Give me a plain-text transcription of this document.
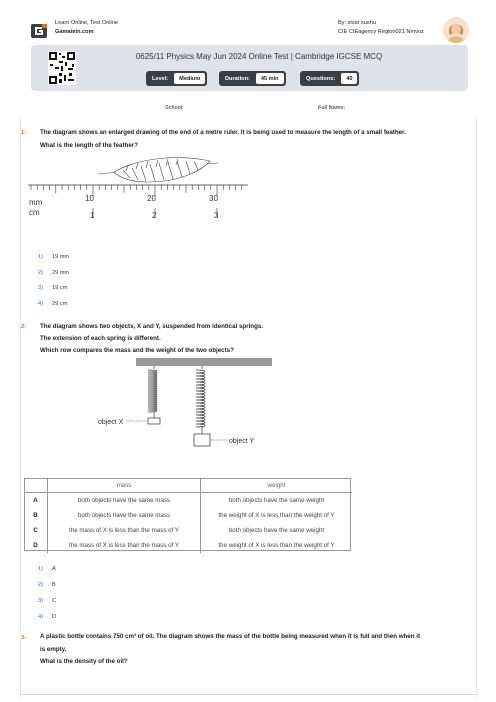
Learn Online, Test Online
Gamatein.com
By: zivar sushu
CIE CIEagency Region021 Nmvoz
0625/11 Physics May Jun 2024 Online Test | Cambridge IGCSE MCQ
Level:	Medium	Duration:	45 min	Questions:	40
School:	Full Name:
1- The diagram shows an enlarged drawing of the end of a metre ruler. It is being used to measure the length of a small feather.
What is the length of the feather?
mm
cm
10	20	30
1	2	3
1) 19 mm
2) 29 mm
3) 19 cm
4) 29 cm
2- The diagram shows two objects, X and Y, suspended from identical springs.
The extension of each spring is different.
Which row compares the mass and the weight of the two objects?
object X
object Y
	mass	weight
A	both objects have the same mass	both objects have the same weight
B	both objects have the same mass	the weight of X is less than the weight of Y
C	the mass of X is less than the mass of Y	both objects have the same weight
D	the mass of X is less than the mass of Y	the weight of X is less than the weight of Y
1) A
2) B
3) C
4) D
3- A plastic bottle contains 750 cm³ of oil. The diagram shows the mass of the bottle being measured when it is full and then when it
is empty.
What is the density of the oil?
